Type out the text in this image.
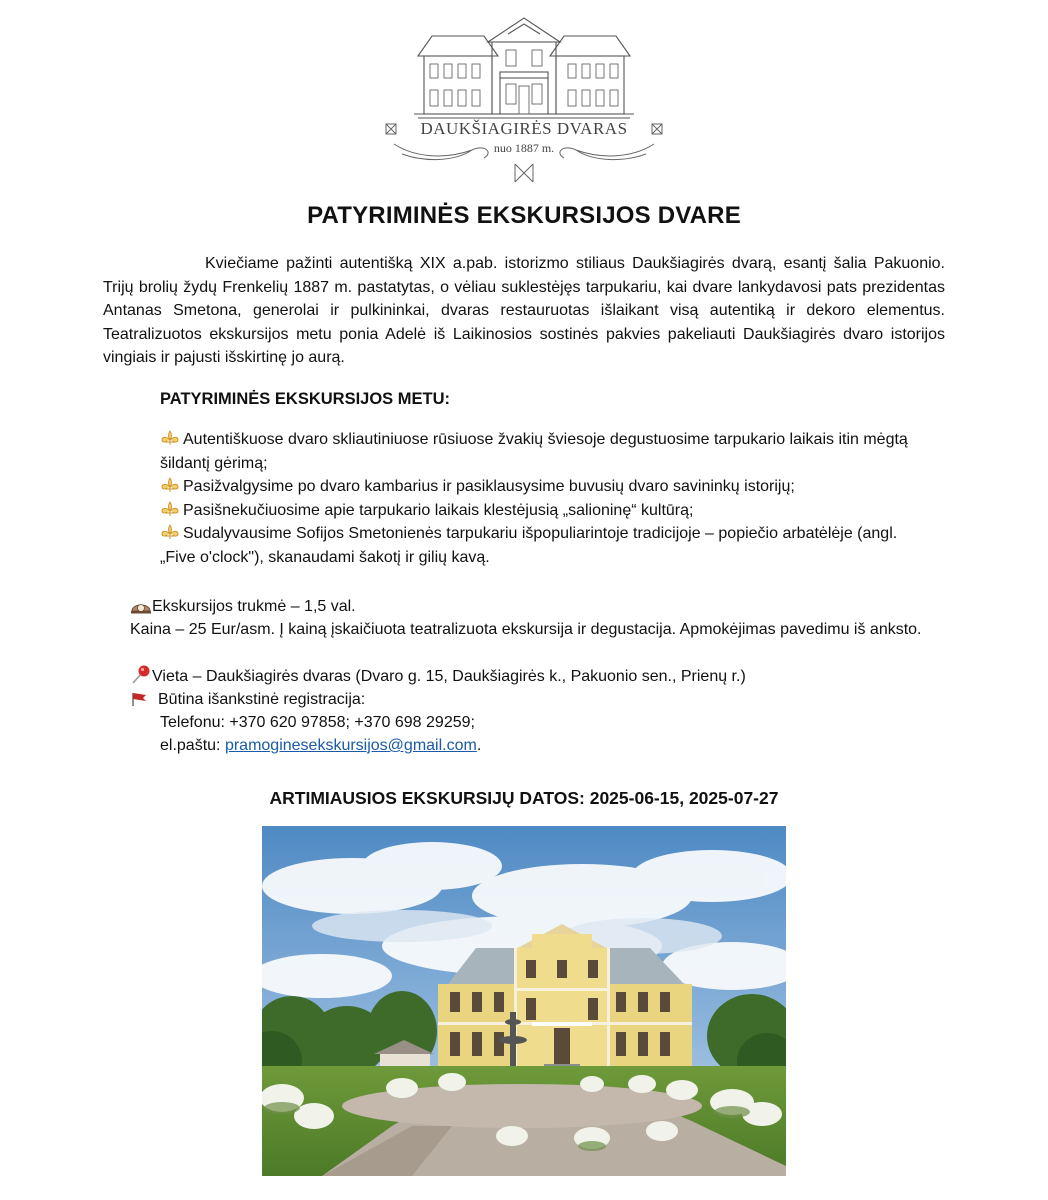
DAUKŠIAGIRĖS DVARAS
nuo 1887 m.
PATYRIMINĖS EKSKURSIJOS DVARE
Kviečiame pažinti autentišką XIX a.pab. istorizmo stiliaus Daukšiagirės dvarą, esantį šalia Pakuonio. Trijų brolių žydų Frenkelių 1887 m. pastatytas, o vėliau suklestėjęs tarpukariu, kai dvare lankydavosi pats prezidentas Antanas Smetona, generolai ir pulkininkai, dvaras restauruotas išlaikant visą autentiką ir dekoro elementus. Teatralizuotos ekskursijos metu ponia Adelė iš Laikinosios sostinės pakvies pakeliauti Daukšiagirės dvaro istorijos vingiais ir pajusti išskirtinę jo aurą.
PATYRIMINĖS EKSKURSIJOS METU:
Autentiškuose dvaro skliautiniuose rūsiuose žvakių šviesoje degustuosime tarpukario laikais itin mėgtą šildantį gėrimą;
Pasižvalgysime po dvaro kambarius ir pasiklausysime buvusių dvaro savininkų istorijų;
Pasišnekučiuosime apie tarpukario laikais klestėjusią „salioninę“ kultūrą;
Sudalyvausime Sofijos Smetonienės tarpukariu išpopuliarintoje tradicijoje – popiečio arbatėlėje (angl. „Five o'clock"), skanaudami šakotį ir gilių kavą.
Ekskursijos trukmė – 1,5 val.
Kaina – 25 Eur/asm. Į kainą įskaičiuota teatralizuota ekskursija ir degustacija. Apmokėjimas pavedimu iš anksto.
Vieta – Daukšiagirės dvaras (Dvaro g. 15, Daukšiagirės k., Pakuonio sen., Prienų r.)
Būtina išankstinė registracija:
Telefonu: +370 620 97858; +370 698 29259;
el.paštu: pramoginesekskursijos@gmail.com.
ARTIMIAUSIOS EKSKURSIJŲ DATOS: 2025-06-15, 2025-07-27
